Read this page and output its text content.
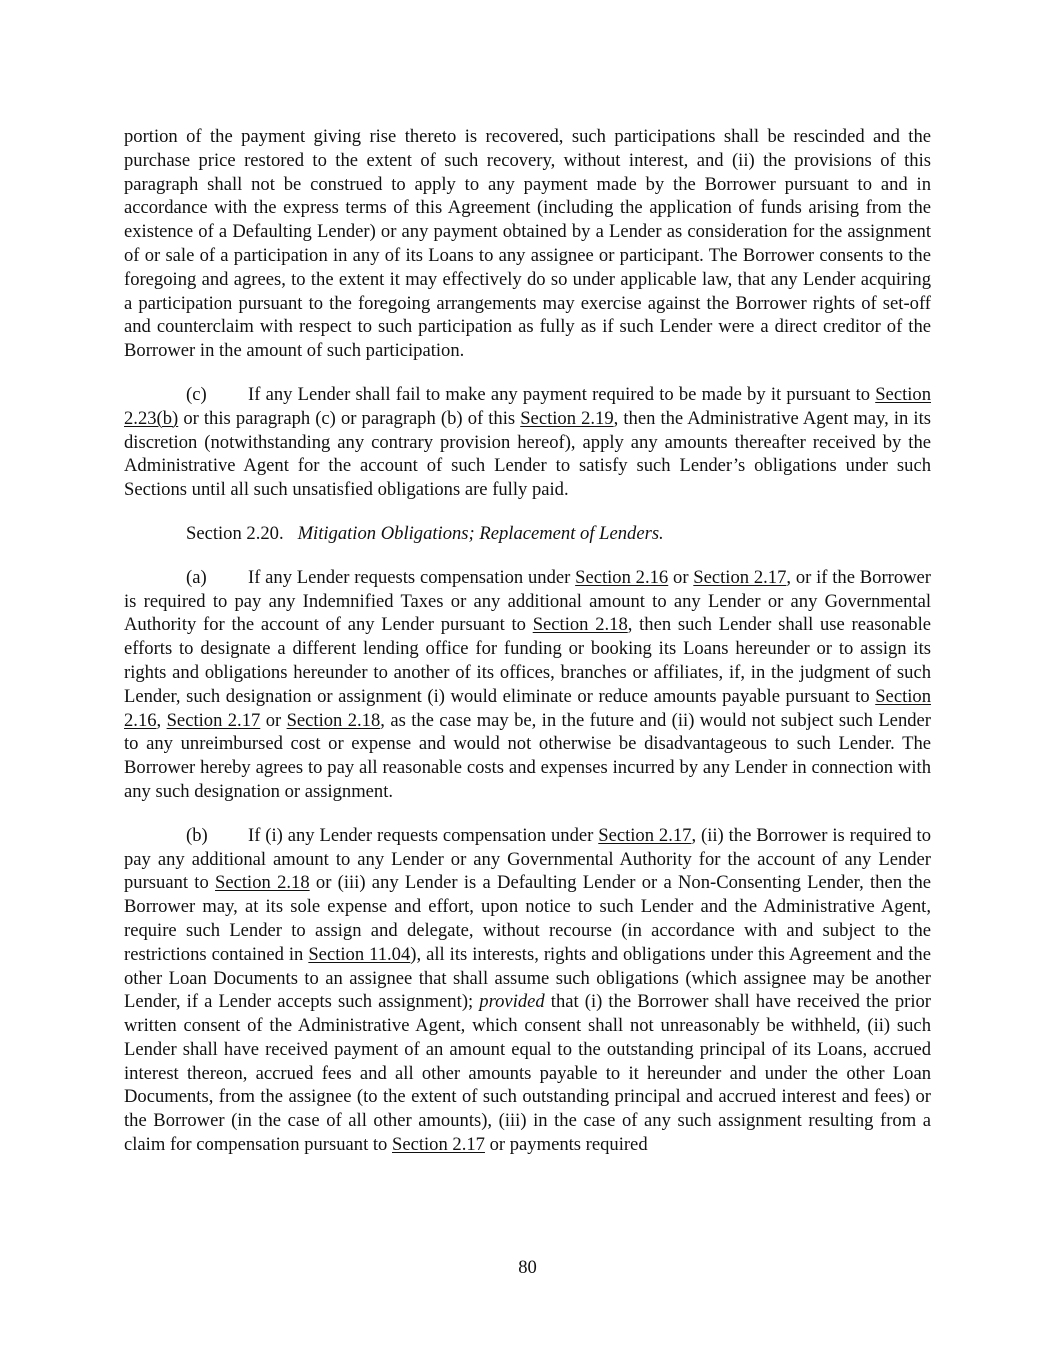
portion of the payment giving rise thereto is recovered, such participations shall be rescinded and the purchase price restored to the extent of such recovery, without interest, and (ii) the provisions of this paragraph shall not be construed to apply to any payment made by the Borrower pursuant to and in accordance with the express terms of this Agreement (including the application of funds arising from the existence of a Defaulting Lender) or any payment obtained by a Lender as consideration for the assignment of or sale of a participation in any of its Loans to any assignee or participant. The Borrower consents to the foregoing and agrees, to the extent it may effectively do so under applicable law, that any Lender acquiring a participation pursuant to the foregoing arrangements may exercise against the Borrower rights of set-off and counterclaim with respect to such participation as fully as if such Lender were a direct creditor of the Borrower in the amount of such participation.

(c) If any Lender shall fail to make any payment required to be made by it pursuant to Section 2.23(b) or this paragraph (c) or paragraph (b) of this Section 2.19, then the Administrative Agent may, in its discretion (notwithstanding any contrary provision hereof), apply any amounts thereafter received by the Administrative Agent for the account of such Lender to satisfy such Lender’s obligations under such Sections until all such unsatisfied obligations are fully paid.

Section 2.20. Mitigation Obligations; Replacement of Lenders.

(a) If any Lender requests compensation under Section 2.16 or Section 2.17, or if the Borrower is required to pay any Indemnified Taxes or any additional amount to any Lender or any Governmental Authority for the account of any Lender pursuant to Section 2.18, then such Lender shall use reasonable efforts to designate a different lending office for funding or booking its Loans hereunder or to assign its rights and obligations hereunder to another of its offices, branches or affiliates, if, in the judgment of such Lender, such designation or assignment (i) would eliminate or reduce amounts payable pursuant to Section 2.16, Section 2.17 or Section 2.18, as the case may be, in the future and (ii) would not subject such Lender to any unreimbursed cost or expense and would not otherwise be disadvantageous to such Lender. The Borrower hereby agrees to pay all reasonable costs and expenses incurred by any Lender in connection with any such designation or assignment.

(b) If (i) any Lender requests compensation under Section 2.17, (ii) the Borrower is required to pay any additional amount to any Lender or any Governmental Authority for the account of any Lender pursuant to Section 2.18 or (iii) any Lender is a Defaulting Lender or a Non-Consenting Lender, then the Borrower may, at its sole expense and effort, upon notice to such Lender and the Administrative Agent, require such Lender to assign and delegate, without recourse (in accordance with and subject to the restrictions contained in Section 11.04), all its interests, rights and obligations under this Agreement and the other Loan Documents to an assignee that shall assume such obligations (which assignee may be another Lender, if a Lender accepts such assignment); provided that (i) the Borrower shall have received the prior written consent of the Administrative Agent, which consent shall not unreasonably be withheld, (ii) such Lender shall have received payment of an amount equal to the outstanding principal of its Loans, accrued interest thereon, accrued fees and all other amounts payable to it hereunder and under the other Loan Documents, from the assignee (to the extent of such outstanding principal and accrued interest and fees) or the Borrower (in the case of all other amounts), (iii) in the case of any such assignment resulting from a claim for compensation pursuant to Section 2.17 or payments required

80
